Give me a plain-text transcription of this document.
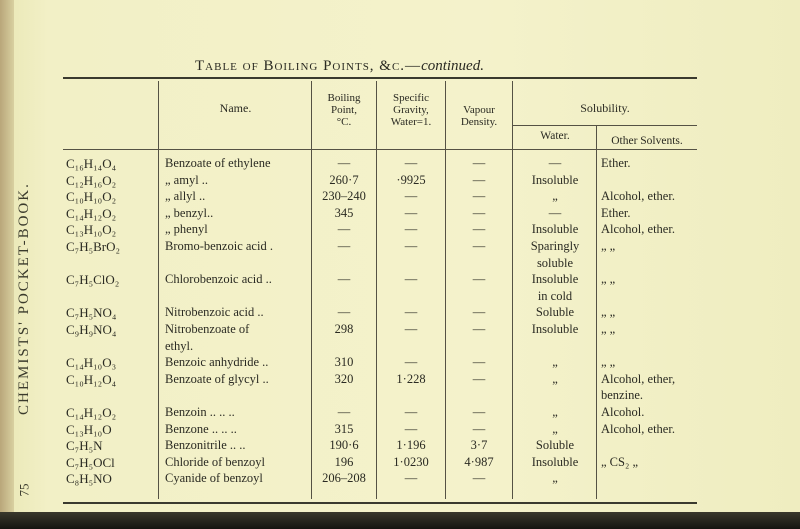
CHEMISTS' POCKET-BOOK.
75
Table of Boiling Points, &c.—continued.
Name.
Boiling
Point,
°C.
Specific
Gravity,
Water=1.
Vapour
Density.
Solubility.
Water.	Other Solvents.
C₁₆H₁₄O₄	Benzoate of ethylene	—	—	—	—	Ether.
C₁₂H₁₆O₂	„ amyl ..	260·7	·9925	—	Insoluble
C₁₀H₁₀O₂	„ allyl ..	230–240	—	—	„	Alcohol, ether.
C₁₄H₁₂O₂	„ benzyl..	345	—	—	—	Ether.
C₁₃H₁₀O₂	„ phenyl	—	—	—	Insoluble	Alcohol, ether.
C₇H₅BrO₂	Bromo-benzoic acid .	—	—	—	Sparingly	„ „
soluble
C₇H₅ClO₂	Chlorobenzoic acid ..	—	—	—	Insoluble	„ „
in cold
C₇H₅NO₄	Nitrobenzoic acid ..	—	—	—	Soluble	„ „
C₉H₉NO₄	Nitrobenzoate of	298	—	—	Insoluble	„ „
ethyl.
C₁₄H₁₀O₃	Benzoic anhydride ..	310	—	—	„	„ „
C₁₀H₁₂O₄	Benzoate of glycyl ..	320	1·228	—	„	Alcohol, ether,
benzine.
C₁₄H₁₂O₂	Benzoin .. .. ..	—	—	—	„	Alcohol.
C₁₃H₁₀O	Benzone .. .. ..	315	—	—	„	Alcohol, ether.
C₇H₅N	Benzonitrile .. ..	190·6	1·196	3·7	Soluble
C₇H₅OCl	Chloride of benzoyl	196	1·0230	4·987	Insoluble	„ CS₂ „
C₈H₅NO	Cyanide of benzoyl	206–208	—	—	„
